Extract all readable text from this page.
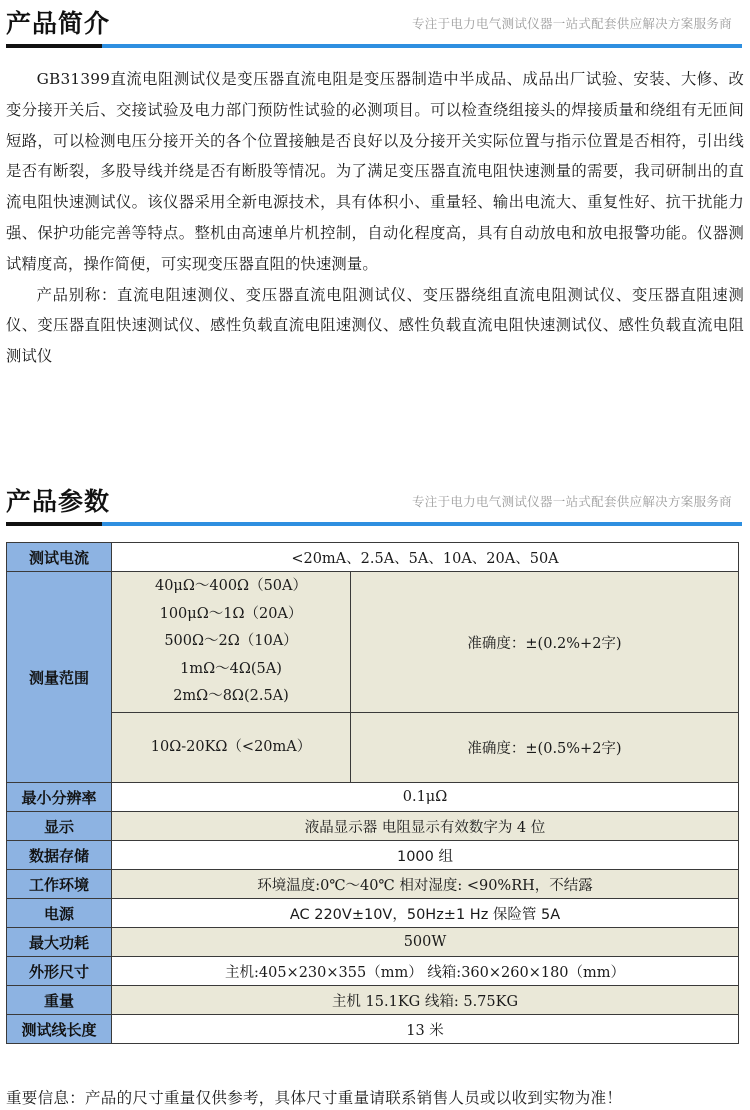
产品简介	专注于电力电气测试仪器一站式配套供应解决方案服务商

GB31399直流电阻测试仪是变压器直流电阻是变压器制造中半成品、成品出厂试验、安装、大修、改变分接开关后、交接试验及电力部门预防性试验的必测项目。可以检查绕组接头的焊接质量和绕组有无匝间短路，可以检测电压分接开关的各个位置接触是否良好以及分接开关实际位置与指示位置是否相符，引出线是否有断裂，多股导线并绕是否有断股等情况。为了满足变压器直流电阻快速测量的需要，我司研制出的直流电阻快速测试仪。该仪器采用全新电源技术，具有体积小、重量轻、输出电流大、重复性好、抗干扰能力强、保护功能完善等特点。整机由高速单片机控制，自动化程度高，具有自动放电和放电报警功能。仪器测试精度高，操作简便，可实现变压器直阻的快速测量。

产品别称：直流电阻速测仪、变压器直流电阻测试仪、变压器绕组直流电阻测试仪、变压器直阻速测仪、变压器直阻快速测试仪、感性负载直流电阻速测仪、感性负载直流电阻快速测试仪、感性负载直流电阻测试仪

产品参数	专注于电力电气测试仪器一站式配套供应解决方案服务商
测试电流	<20mA、2.5A、5A、10A、20A、50A	
测量范围	40μΩ～400Ω（50A）
100μΩ～1Ω（20A）
500Ω～2Ω（10A）
1mΩ～4Ω(5A)
2mΩ～8Ω(2.5A)	准确度：±(0.2%+2字)
	10Ω-20KΩ（<20mA）	准确度：±(0.5%+2字)
最小分辨率	0.1μΩ	
显示	液晶显示器 电阻显示有效数字为 4 位	
数据存储	1000 组	
工作环境	环境温度:0℃～40℃ 相对湿度: <90%RH，不结露	
电源	AC 220V±10V，50Hz±1 Hz 保险管 5A	
最大功耗	500W	
外形尺寸	主机:405×230×355（mm） 线箱:360×260×180（mm）	
重量	主机 15.1KG 线箱: 5.75KG	
测试线长度	13 米	
重要信息：产品的尺寸重量仅供参考，具体尺寸重量请联系销售人员或以收到实物为准！
